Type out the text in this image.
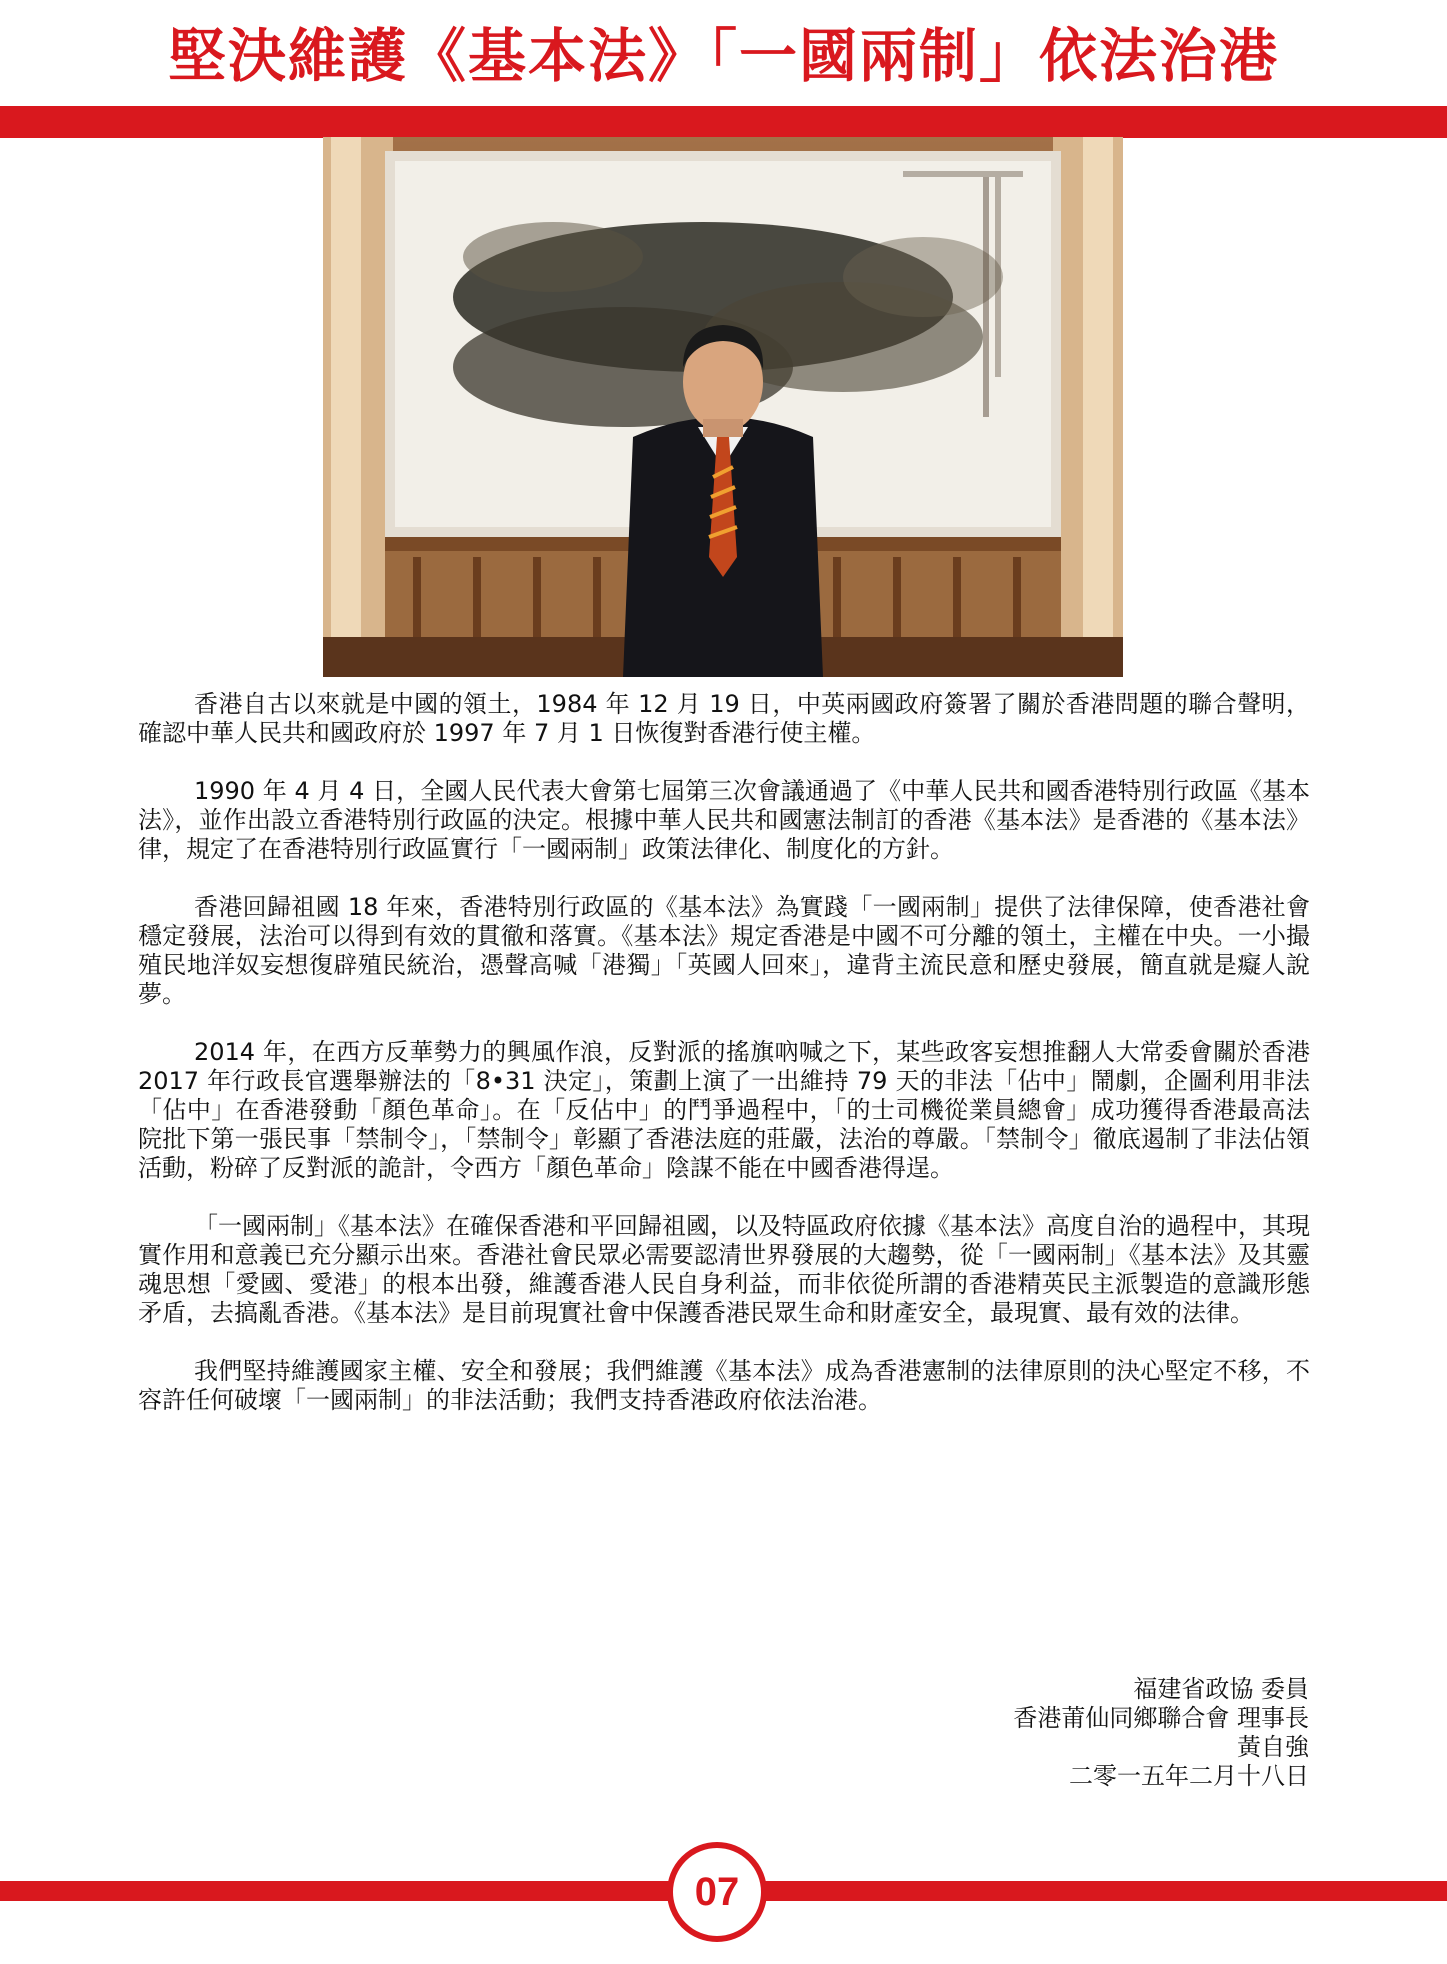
堅決維護《基本法》「一國兩制」依法治港

香港自古以來就是中國的領土，1984 年 12 月 19 日，中英兩國政府簽署了關於香港問題的聯合聲明，確認中華人民共和國政府於 1997 年 7 月 1 日恢復對香港行使主權。

1990 年 4 月 4 日，全國人民代表大會第七屆第三次會議通過了《中華人民共和國香港特別行政區《基本法》，並作出設立香港特別行政區的決定。根據中華人民共和國憲法制訂的香港《基本法》是香港的《基本法》律，規定了在香港特別行政區實行「一國兩制」政策法律化、制度化的方針。

香港回歸祖國 18 年來，香港特別行政區的《基本法》為實踐「一國兩制」提供了法律保障，使香港社會穩定發展，法治可以得到有效的貫徹和落實。《基本法》規定香港是中國不可分離的領土，主權在中央。一小撮殖民地洋奴妄想復辟殖民統治，憑聲高喊「港獨」「英國人回來」，違背主流民意和歷史發展，簡直就是癡人說夢。

2014 年，在西方反華勢力的興風作浪，反對派的搖旗吶喊之下，某些政客妄想推翻人大常委會關於香港 2017 年行政長官選舉辦法的「8•31 決定」，策劃上演了一出維持 79 天的非法「佔中」鬧劇，企圖利用非法「佔中」在香港發動「顏色革命」。在「反佔中」的鬥爭過程中，「的士司機從業員總會」成功獲得香港最高法院批下第一張民事「禁制令」，「禁制令」彰顯了香港法庭的莊嚴，法治的尊嚴。「禁制令」徹底遏制了非法佔領活動，粉碎了反對派的詭計，令西方「顏色革命」陰謀不能在中國香港得逞。

「一國兩制」《基本法》在確保香港和平回歸祖國，以及特區政府依據《基本法》高度自治的過程中，其現實作用和意義已充分顯示出來。香港社會民眾必需要認清世界發展的大趨勢，從「一國兩制」《基本法》及其靈魂思想「愛國、愛港」的根本出發，維護香港人民自身利益，而非依從所謂的香港精英民主派製造的意識形態矛盾，去搞亂香港。《基本法》是目前現實社會中保護香港民眾生命和財產安全，最現實、最有效的法律。

我們堅持維護國家主權、安全和發展；我們維護《基本法》成為香港憲制的法律原則的決心堅定不移，不容許任何破壞「一國兩制」的非法活動；我們支持香港政府依法治港。

福建省政協 委員
香港莆仙同鄉聯合會 理事長
黃自強
二零一五年二月十八日
07
